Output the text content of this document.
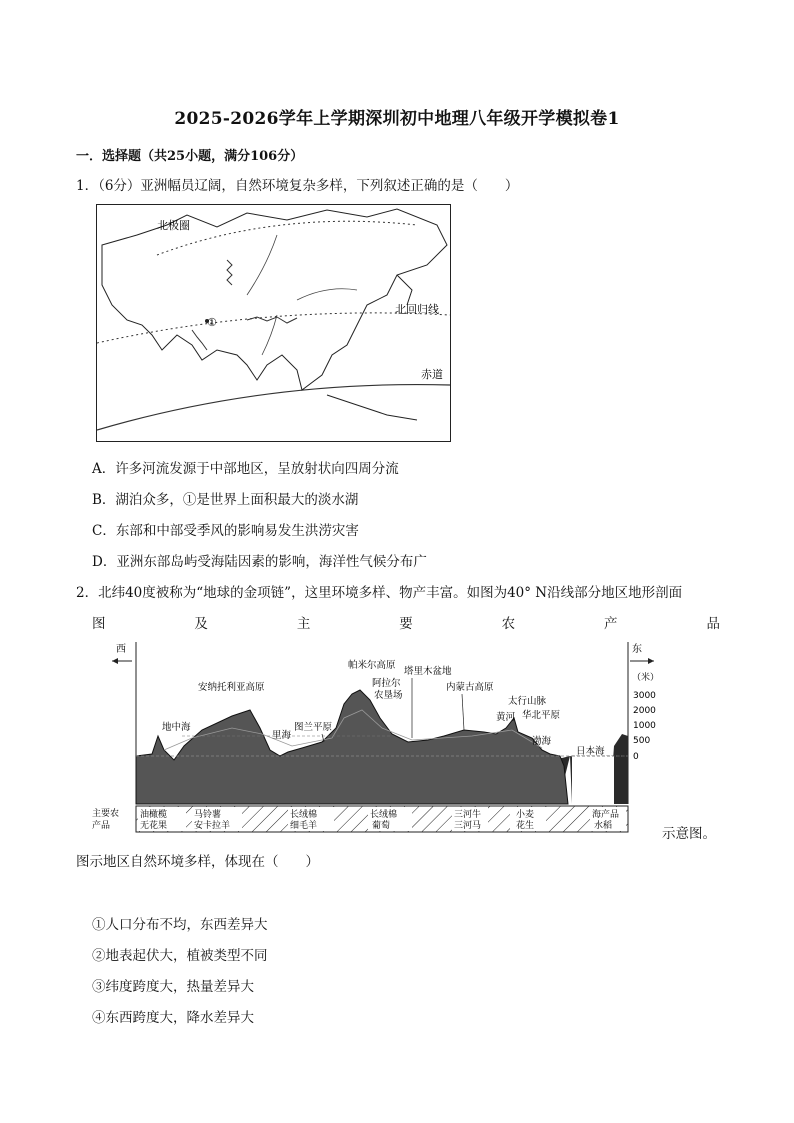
2025-2026学年上学期深圳初中地理八年级开学模拟卷1
一．选择题（共25小题，满分106分）
1．（6分）亚洲幅员辽阔，自然环境复杂多样，下列叙述正确的是（　　）
北极圈
北回归线
赤道
①
A．许多河流发源于中部地区，呈放射状向四周分流
B．湖泊众多，①是世界上面积最大的淡水湖
C．东部和中部受季风的影响易发生洪涝灾害
D．亚洲东部岛屿受海陆因素的影响，海洋性气候分布广
2．北纬40度被称为“地球的金项链”，这里环境多样、物产丰富。如图为40° N沿线部分地区地形剖面
图	及	主	要	农	产	品
西	东
（米）
3000
2000
1000
500
0
地中海
安纳托利亚高原
里海
图兰平原
帕米尔高原
阿拉尔
农垦场
塔里木盆地
内蒙古高原
黄河
太行山脉
华北平原
渤海
日本海
主要农
产品
油橄榄
无花果
马铃薯
安卡拉羊
长绒棉
细毛羊
长绒棉
葡萄
三河牛
三河马
小麦
花生
海产品
水稻	示意图。
图示地区自然环境多样，体现在（　　）
①人口分布不均，东西差异大
②地表起伏大，植被类型不同
③纬度跨度大，热量差异大
④东西跨度大，降水差异大
